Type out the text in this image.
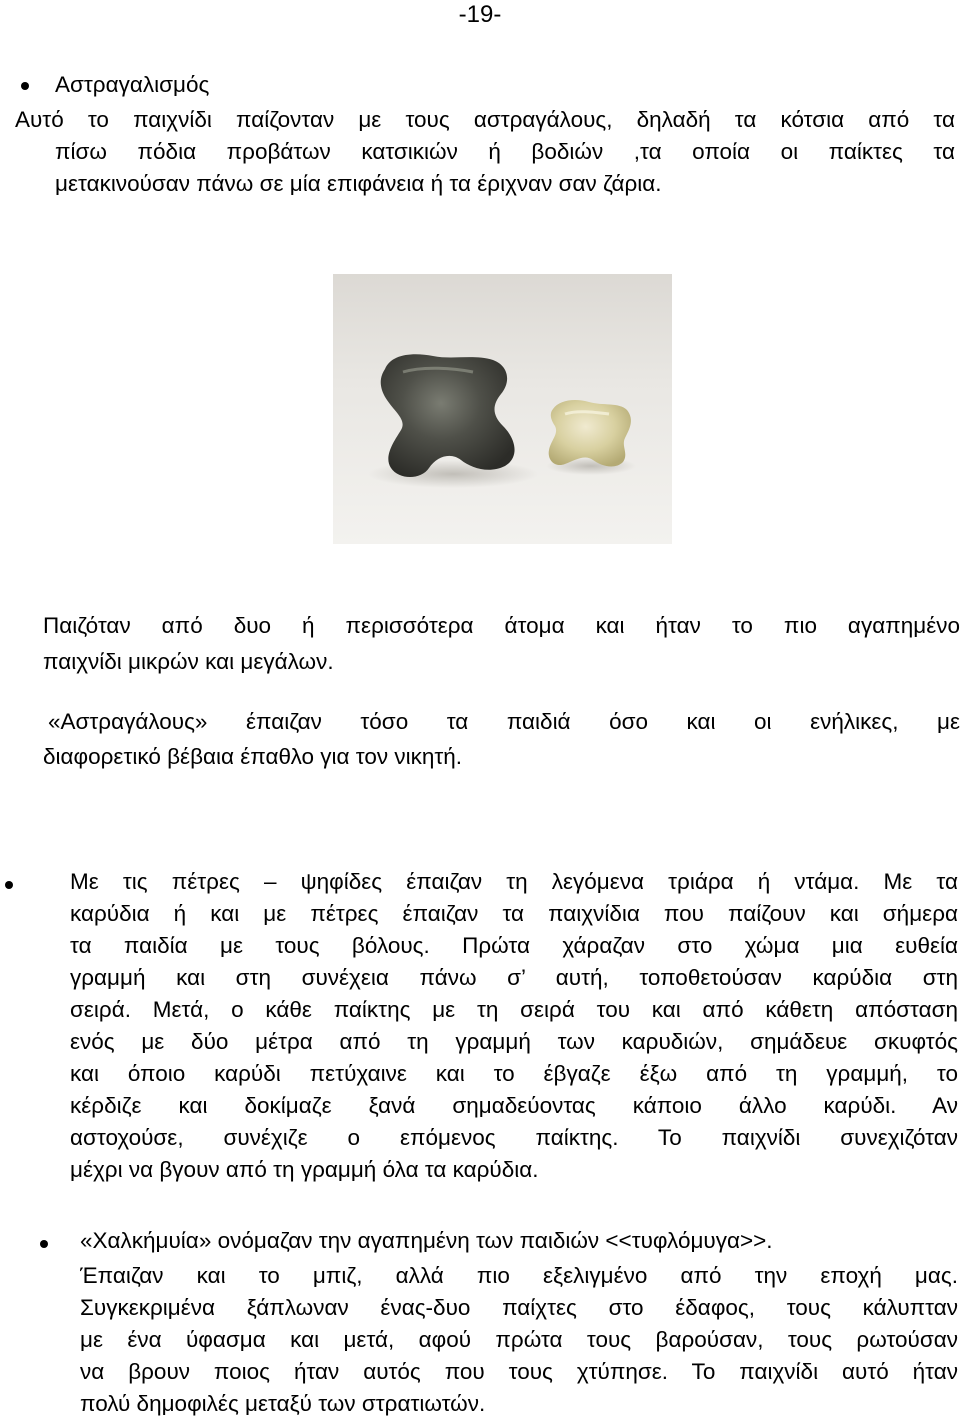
-19-
Αστραγαλισμός
Αυτό το παιχνίδι παίζονταν με τους αστραγάλους, δηλαδή τα κότσια από τα
πίσω πόδια προβάτων κατσικιών ή βοδιών ,τα οποία οι παίκτες τα
μετακινούσαν πάνω σε μία επιφάνεια ή τα έριχναν σαν ζάρια.
Παιζόταν από δυο ή περισσότερα άτομα και ήταν το πιο αγαπημένο
παιχνίδι μικρών και μεγάλων.
«Αστραγάλους» έπαιζαν τόσο τα παιδιά όσο και οι ενήλικες, με
διαφορετικό βέβαια έπαθλο για τον νικητή.
Με τις πέτρες – ψηφίδες έπαιζαν τη λεγόμενα τριάρα ή ντάμα. Με τα
καρύδια ή και με πέτρες έπαιζαν τα παιχνίδια που παίζουν και σήμερα
τα παιδία με τους βόλους. Πρώτα χάραζαν στο χώμα μια ευθεία
γραμμή και στη συνέχεια πάνω σ’ αυτή, τοποθετούσαν καρύδια στη
σειρά. Μετά, ο κάθε παίκτης με τη σειρά του και από κάθετη απόσταση
ενός με δύο μέτρα από τη γραμμή των καρυδιών, σημάδευε σκυφτός
και όποιο καρύδι πετύχαινε και το έβγαζε έξω από τη γραμμή, το
κέρδιζε και δοκίμαζε ξανά σημαδεύοντας κάποιο άλλο καρύδι. Αν
αστοχούσε, συνέχιζε ο επόμενος παίκτης. Το παιχνίδι συνεχιζόταν
μέχρι να βγουν από τη γραμμή όλα τα καρύδια.
«Χαλκήμυία» ονόμαζαν την αγαπημένη των παιδιών <<τυφλόμυγα>>.
Έπαιζαν και το μπιζ, αλλά πιο εξελιγμένο από την εποχή μας.
Συγκεκριμένα ξάπλωναν ένας-δυο παίχτες στο έδαφος, τους κάλυπταν
με ένα ύφασμα και μετά, αφού πρώτα τους βαρούσαν, τους ρωτούσαν
να βρουν ποιος ήταν αυτός που τους χτύπησε. Το παιχνίδι αυτό ήταν
πολύ δημοφιλές μεταξύ των στρατιωτών.
